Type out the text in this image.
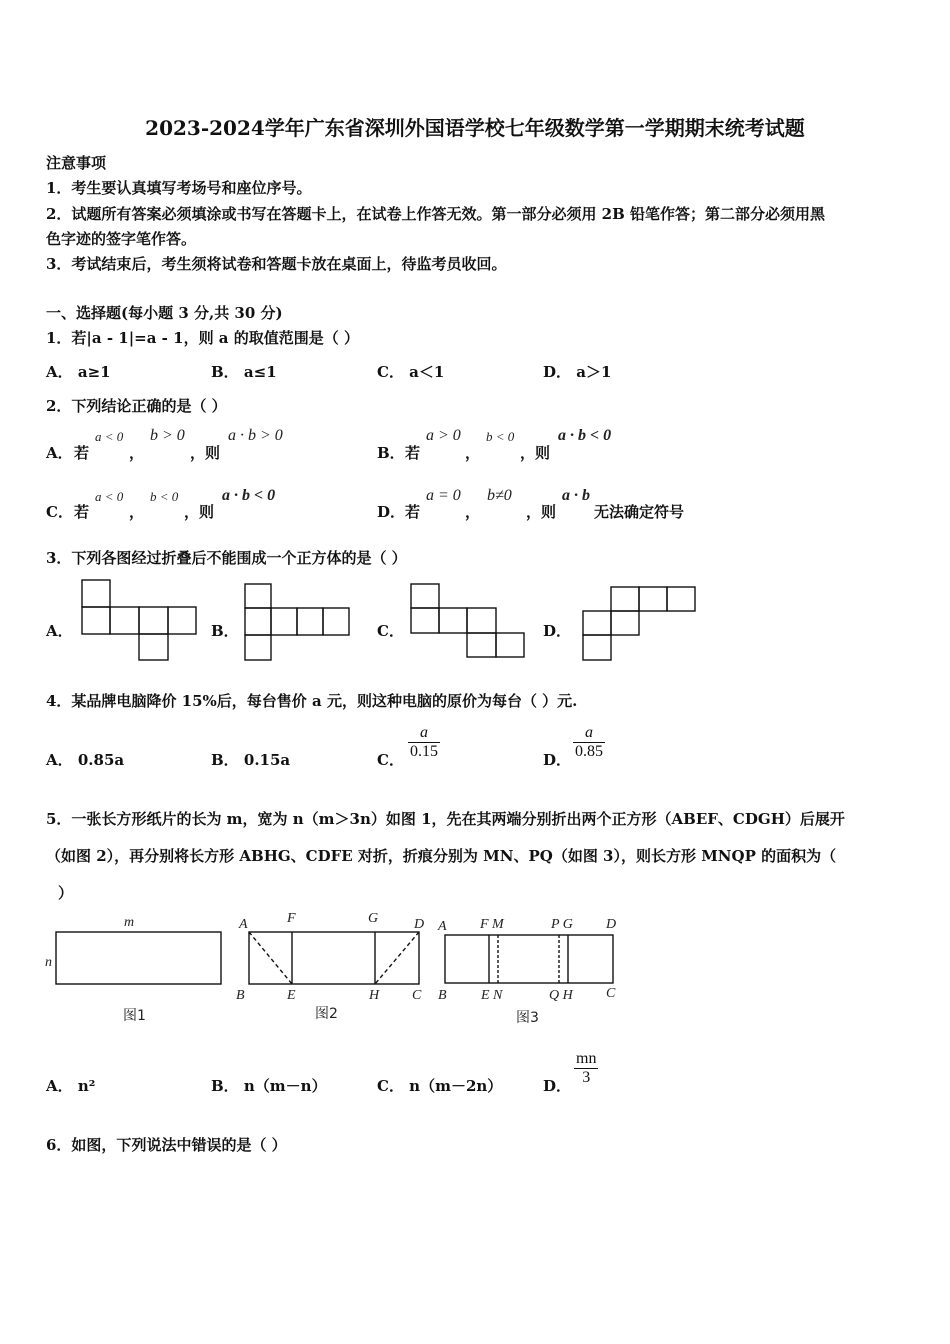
2023-2024学年广东省深圳外国语学校七年级数学第一学期期末统考试题
注意事项
1．考生要认真填写考场号和座位序号。
2．试题所有答案必须填涂或书写在答题卡上，在试卷上作答无效。第一部分必须用 2B 铅笔作答；第二部分必须用黑
色字迹的签字笔作答。
3．考试结束后，考生须将试卷和答题卡放在桌面上，待监考员收回。
一、选择题(每小题 3 分,共 30 分)
1．若|a - 1|=a - 1，则 a 的取值范围是（ ）
A． a≥1	B． a≤1	C． a＜1	D． a＞1
2．下列结论正确的是（ ）
A． 若
a < 0
，
b > 0
，则
a · b > 0
B． 若
a > 0
，
b < 0
，则
a · b < 0
C． 若
a < 0
，
b < 0
，则
a · b < 0
D． 若
a = 0
，
b≠0
，则
a · b
无法确定符号
3．下列各图经过折叠后不能围成一个正方体的是（ ）
A．	B．	C．	D．
4．某品牌电脑降价 15%后，每台售价 a 元，则这种电脑的原价为每台（ ）元.
A． 0.85a	B． 0.15a	C． $\frac{a}{0.15}$	D． $\frac{a}{0.85}$
5．一张长方形纸片的长为 m，宽为 n（m＞3n）如图 1，先在其两端分别折出两个正方形（ABEF、CDGH）后展开
（如图 2），再分别将长方形 ABHG、CDFE 对折，折痕分别为 MN、PQ（如图 3），则长方形 MNQP 的面积为（
）
m
n
图1
A	F	G	D
B	E	H C
图2
A F M	P G D
B E N	Q H C
图3
A． n²	B． n（m－n）	C． n（m－2n）	D． $\frac{mn}{3}$
6．如图，下列说法中错误的是（ ）
